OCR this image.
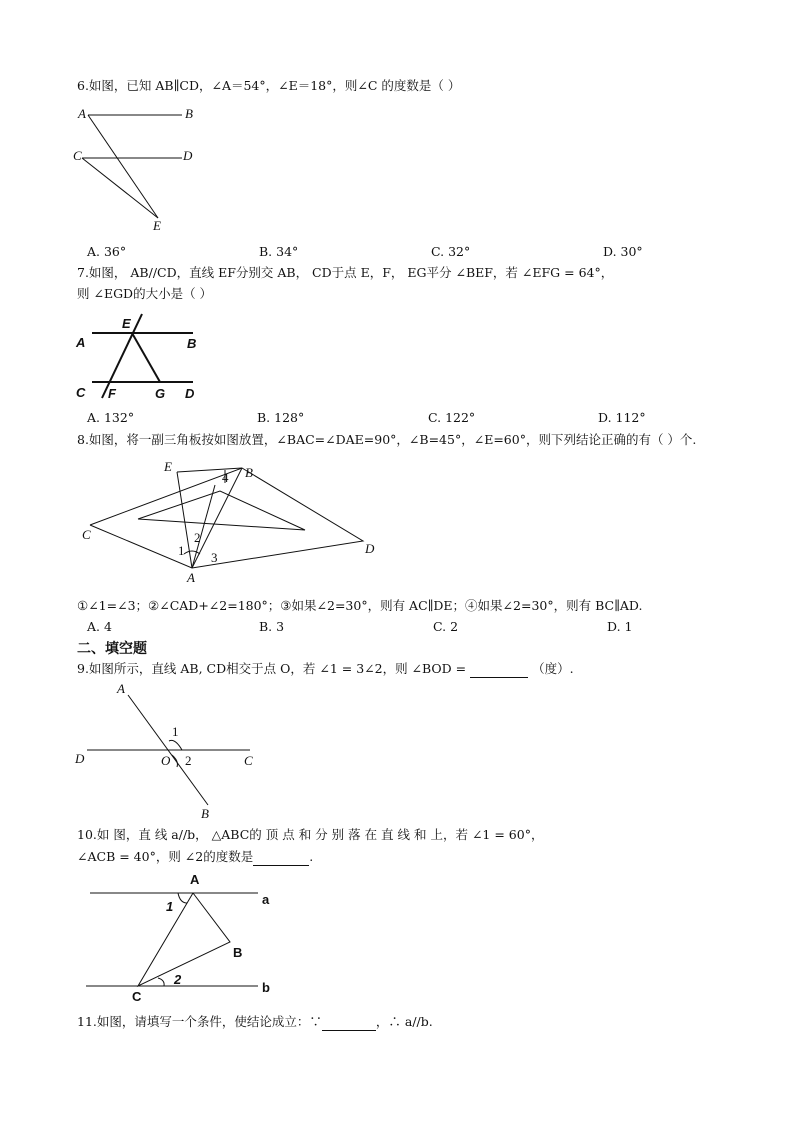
6.如图，已知 AB∥CD，∠A＝54°，∠E＝18°，则∠C 的度数是（ ）
A	B
C	D
E
A. 36°	B. 34°	C. 32°	D. 30°
7.如图， AB//CD，直线 EF分别交 AB， CD于点 E，F， EG平分 ∠BEF，若 ∠EFG = 64°，
则 ∠EGD的大小是（ ）
E
A	B
C F	G D
A. 132°	B. 128°	C. 122°	D. 112°
8.如图，将一副三角板按如图放置，∠BAC=∠DAE=90°，∠B=45°，∠E=60°，则下列结论正确的有（ ）个.
E	B
C
D
A
1
2
3
4
①∠1=∠3；②∠CAD+∠2=180°；③如果∠2=30°，则有 AC∥DE；④如果∠2=30°，则有 BC∥AD.
A. 4	B. 3	C. 2	D. 1
二、填空题
9.如图所示，直线 AB, CD相交于点 O，若 ∠1 = 3∠2，则 ∠BOD =	（度）.
A
D	O	C
B
1
2
10.如 图，直 线 a//b， △ABC的 顶 点 和 分 别 落 在 直 线 和 上，若 ∠1 = 60°，
∠ACB = 40°，则 ∠2的度数是	.
A
a
1
B
2
C
b
11.如图，请填写一个条件，使结论成立：∵	，∴ a//b.
